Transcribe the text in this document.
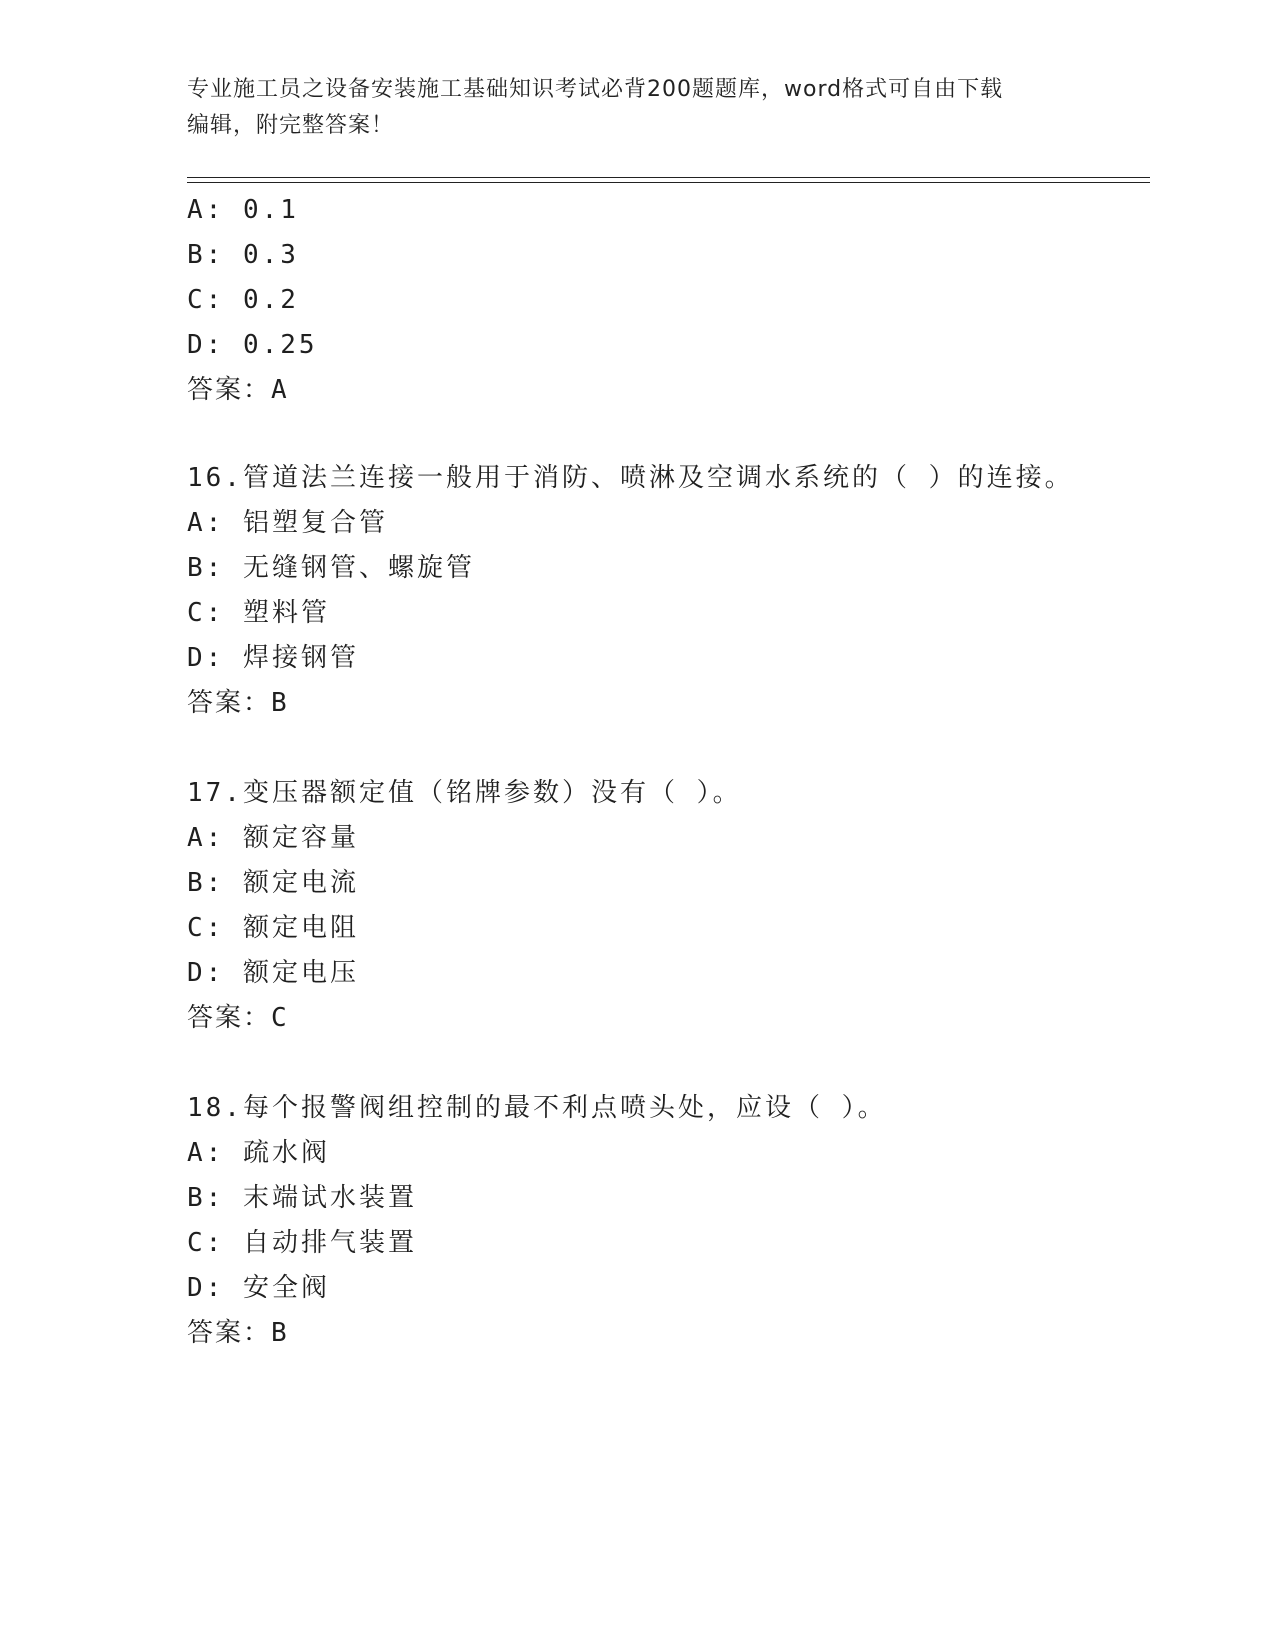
专业施工员之设备安装施工基础知识考试必背200题题库，word格式可自由下载
编辑，附完整答案！
A: 0.1
B: 0.3
C: 0.2
D: 0.25
答案：A
16.管道法兰连接一般用于消防、喷淋及空调水系统的（ ）的连接。
A: 铝塑复合管
B: 无缝钢管、螺旋管
C: 塑料管
D: 焊接钢管
答案：B
17.变压器额定值（铭牌参数）没有（ ）。
A: 额定容量
B: 额定电流
C: 额定电阻
D: 额定电压
答案：C
18.每个报警阀组控制的最不利点喷头处，应设（ ）。
A: 疏水阀
B: 末端试水装置
C: 自动排气装置
D: 安全阀
答案：B
